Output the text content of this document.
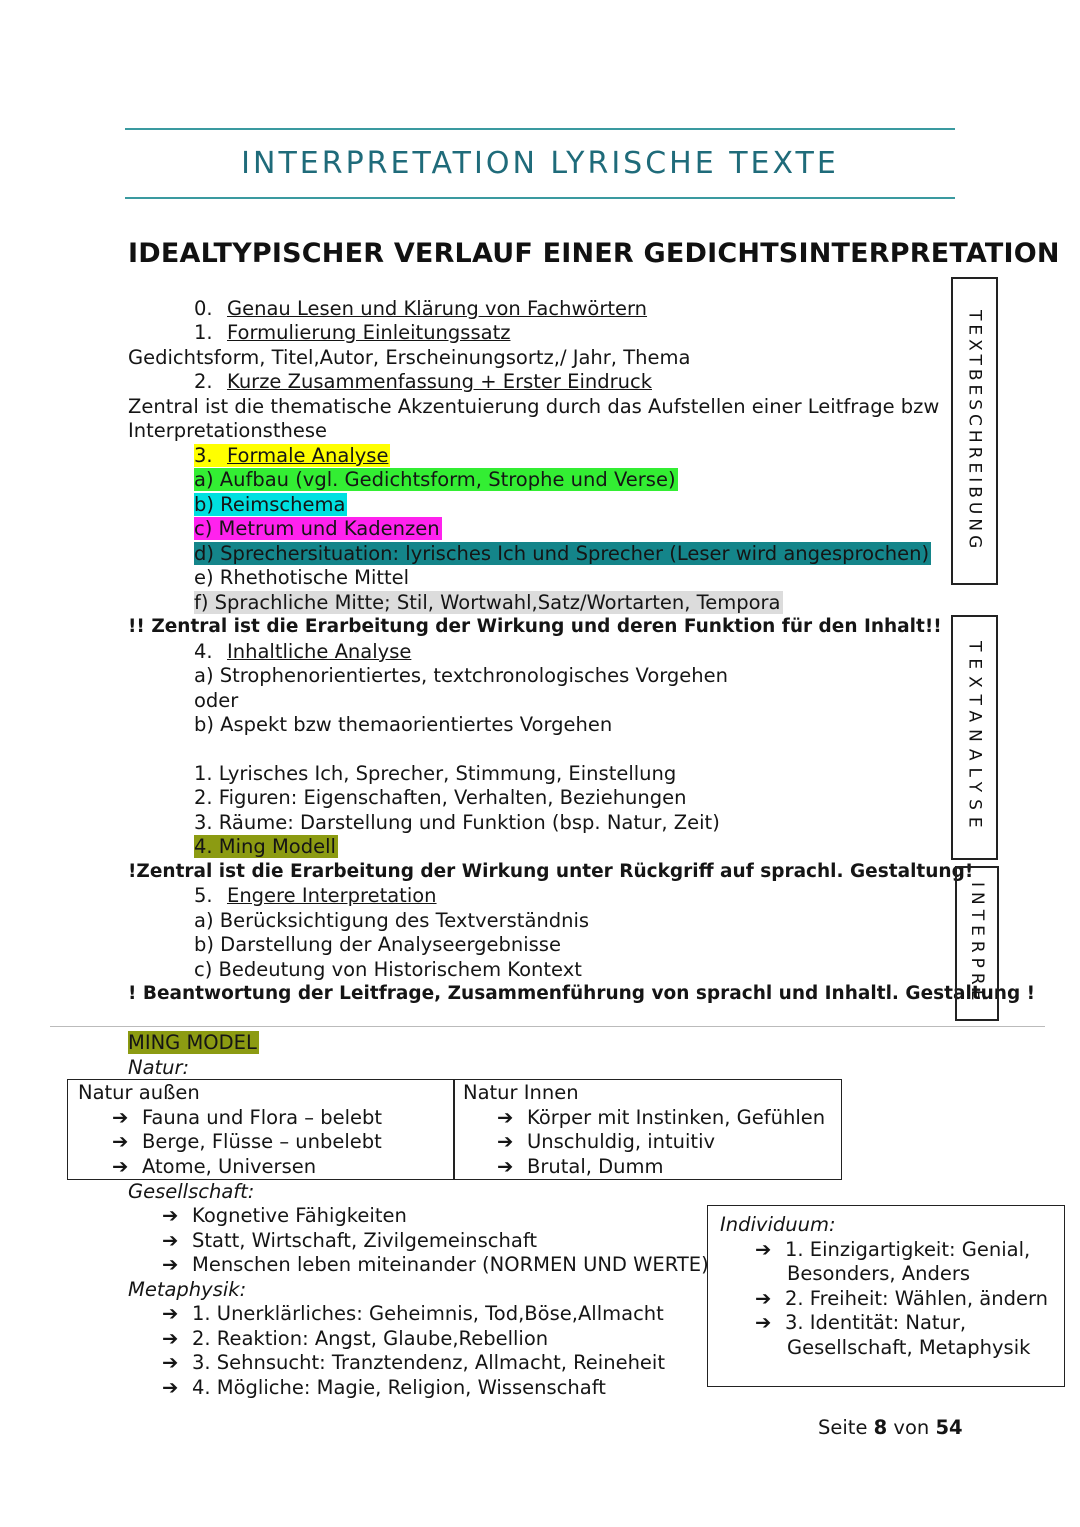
INTERPRETATION LYRISCHE TEXTE
IDEALTYPISCHER VERLAUF EINER GEDICHTSINTERPRETATION
0. Genau Lesen und Klärung von Fachwörtern
1. Formulierung Einleitungssatz
Gedichtsform, Titel,Autor, Erscheinungsortz,/ Jahr, Thema
2. Kurze Zusammenfassung + Erster Eindruck
Zentral ist die thematische Akzentuierung durch das Aufstellen einer Leitfrage bzw
Interpretationsthese
3. Formale Analyse
a) Aufbau (vgl. Gedichtsform, Strophe und Verse)
b) Reimschema
c) Metrum und Kadenzen
d) Sprechersituation: lyrisches Ich und Sprecher (Leser wird angesprochen)
e) Rhethotische Mittel
f) Sprachliche Mitte; Stil, Wortwahl,Satz/Wortarten, Tempora
!! Zentral ist die Erarbeitung der Wirkung und deren Funktion für den Inhalt!!
4. Inhaltliche Analyse
a) Strophenorientiertes, textchronologisches Vorgehen
oder
b) Aspekt bzw themaorientiertes Vorgehen
1. Lyrisches Ich, Sprecher, Stimmung, Einstellung
2. Figuren: Eigenschaften, Verhalten, Beziehungen
3. Räume: Darstellung und Funktion (bsp. Natur, Zeit)
4. Ming Modell
!Zentral ist die Erarbeitung der Wirkung unter Rückgriff auf sprachl. Gestaltung!
5. Engere Interpretation
a) Berücksichtigung des Textverständnis
b) Darstellung der Analyseergebnisse
c) Bedeutung von Historischem Kontext
! Beantwortung der Leitfrage, Zusammenführung von sprachl und Inhaltl. Gestaltung !
TEXTBESCHREIBUNG
TEXTANALYSE
INTERPRE
MING MODEL
Natur:
Natur außen
➔ Fauna und Flora – belebt
➔ Berge, Flüsse – unbelebt
➔ Atome, Universen
Natur Innen
➔ Körper mit Instinken, Gefühlen
➔ Unschuldig, intuitiv
➔ Brutal, Dumm
Gesellschaft:
➔ Kognetive Fähigkeiten
➔ Statt, Wirtschaft, Zivilgemeinschaft
➔ Menschen leben miteinander (NORMEN UND WERTE)
Metaphysik:
➔ 1. Unerklärliches: Geheimnis, Tod,Böse,Allmacht
➔ 2. Reaktion: Angst, Glaube,Rebellion
➔ 3. Sehnsucht: Tranztendenz, Allmacht, Reineheit
➔ 4. Mögliche: Magie, Religion, Wissenschaft
Individuum:
➔ 1. Einzigartigkeit: Genial,
Besonders, Anders
➔ 2. Freiheit: Wählen, ändern
➔ 3. Identität: Natur,
Gesellschaft, Metaphysik
Seite 8 von 54
